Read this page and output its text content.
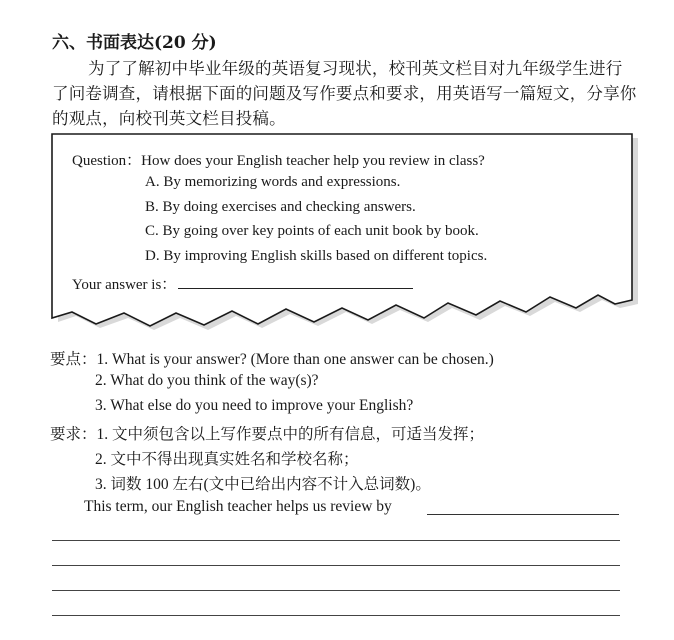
六、书面表达(20 分)
为了了解初中毕业年级的英语复习现状，校刊英文栏目对九年级学生进行
了问卷调查，请根据下面的问题及写作要点和要求，用英语写一篇短文，分享你
的观点，向校刊英文栏目投稿。
Question：How does your English teacher help you review in class?
A. By memorizing words and expressions.
B. By doing exercises and checking answers.
C. By going over key points of each unit book by book.
D. By improving English skills based on different topics.
Your answer is：
要点：1. What is your answer? (More than one answer can be chosen.)
2. What do you think of the way(s)?
3. What else do you need to improve your English?
要求：1. 文中须包含以上写作要点中的所有信息，可适当发挥；
2. 文中不得出现真实姓名和学校名称；
3. 词数 100 左右(文中已给出内容不计入总词数)。
This term, our English teacher helps us review by
